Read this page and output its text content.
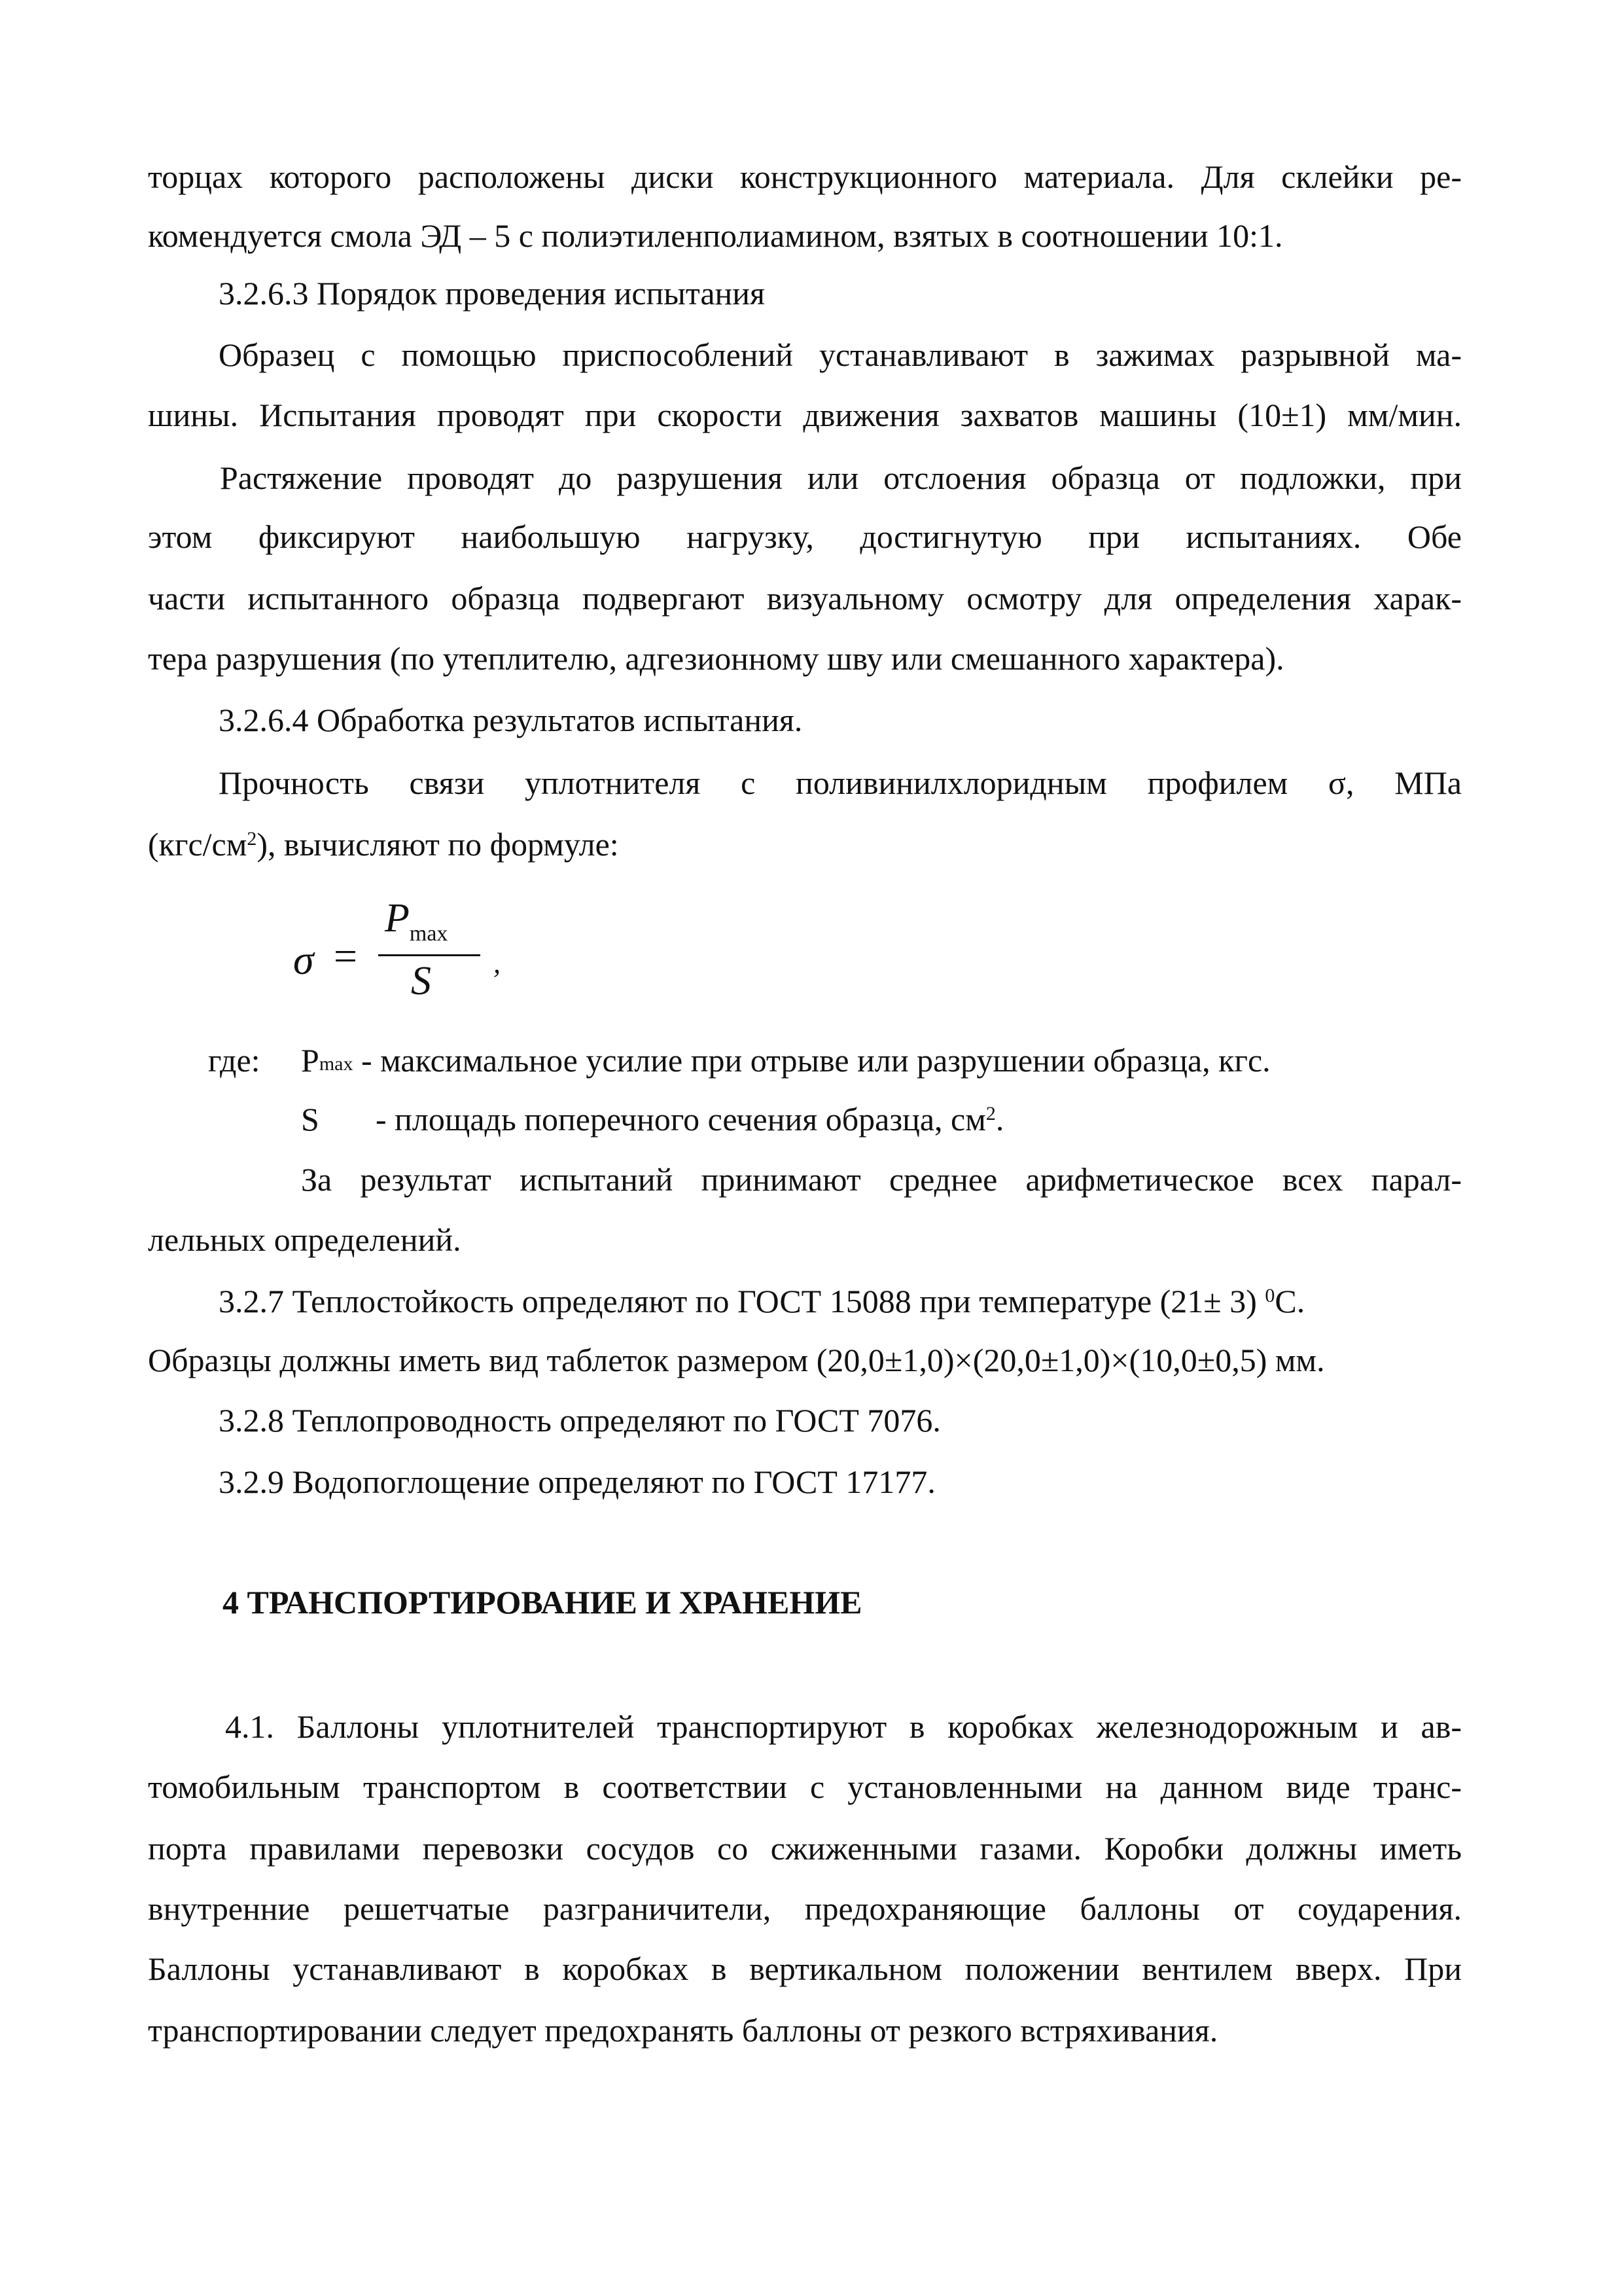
торцах которого расположены диски конструкционного материала. Для склейки ре-
комендуется смола ЭД – 5 с полиэтиленполиамином, взятых в соотношении 10:1.
3.2.6.3 Порядок проведения испытания
Образец с помощью приспособлений устанавливают в зажимах разрывной ма-
шины. Испытания проводят при скорости движения захватов машины (10±1) мм/мин.
Растяжение проводят до разрушения или отслоения образца от подложки, при
этом фиксируют наибольшую нагрузку, достигнутую при испытаниях. Обе
части испытанного образца подвергают визуальному осмотру для определения харак-
тера разрушения (по утеплителю, адгезионному шву или смешанного характера).
3.2.6.4 Обработка результатов испытания.
Прочность связи уплотнителя с поливинилхлоридным профилем σ, МПа
$(кгс/см^2)$, вычисляют по формуле:
σ =
$P_{max}$
S ,
где: $P_{max}$ - максимальное усилие при отрыве или разрушении образца, кгс.
S - площадь поперечного сечения образца, $см^2$.
За результат испытаний принимают среднее арифметическое всех парал-
лельных определений.
3.2.7 Теплостойкость определяют по ГОСТ 15088 при температуре (21± 3) $^0$С.
Образцы должны иметь вид таблеток размером (20,0±1,0)×(20,0±1,0)×(10,0±0,5) мм.
3.2.8 Теплопроводность определяют по ГОСТ 7076.
3.2.9 Водопоглощение определяют по ГОСТ 17177.
4 ТРАНСПОРТИРОВАНИЕ И ХРАНЕНИЕ
4.1. Баллоны уплотнителей транспортируют в коробках железнодорожным и ав-
томобильным транспортом в соответствии с установленными на данном виде транс-
порта правилами перевозки сосудов со сжиженными газами. Коробки должны иметь
внутренние решетчатые разграничители, предохраняющие баллоны от соударения.
Баллоны устанавливают в коробках в вертикальном положении вентилем вверх. При
транспортировании следует предохранять баллоны от резкого встряхивания.
